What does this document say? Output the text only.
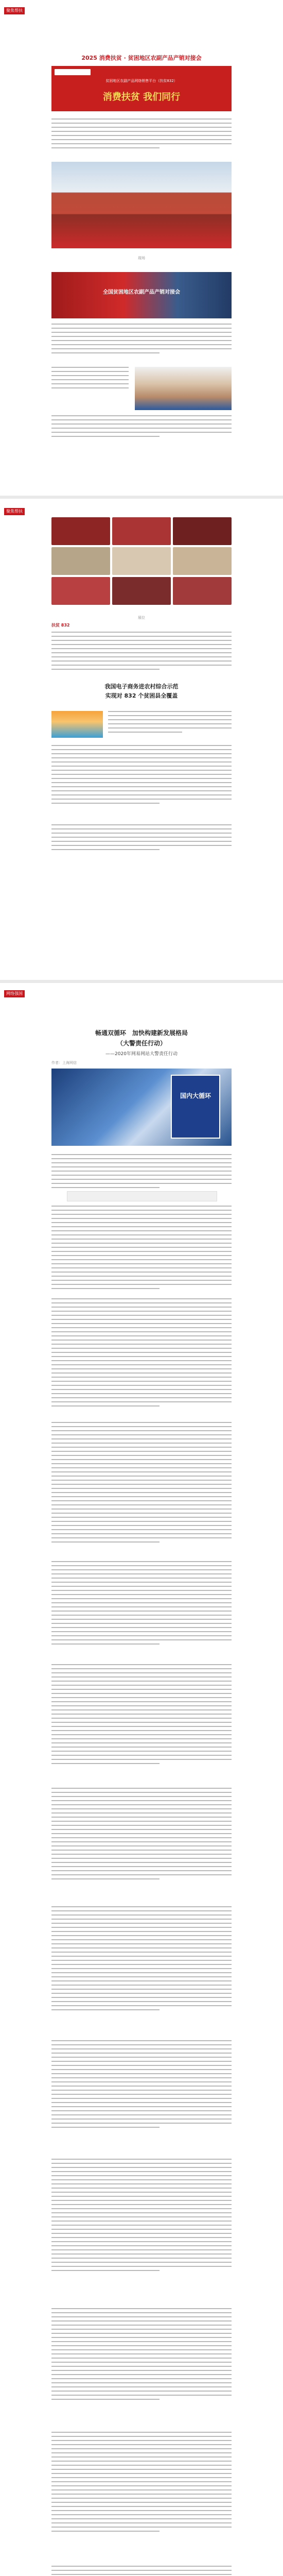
聚焦帮扶
2025 消费扶贫 · 贫困地区农副产品产销对接会
贫困地区农副产品网络销售平台（扶贫832）
消费扶贫 我们同行
现场
全国贫困地区农副产品产销对接会
聚焦帮扶
展位
扶贫 832
我国电子商务进农村综合示范
实现对 832 个贫困县全覆盖
网络强国
畅通双循环　加快构建新发展格局
（大警责任行动）
——2020年网易网站大警责任行动
作者：上海网信
国内大循环
